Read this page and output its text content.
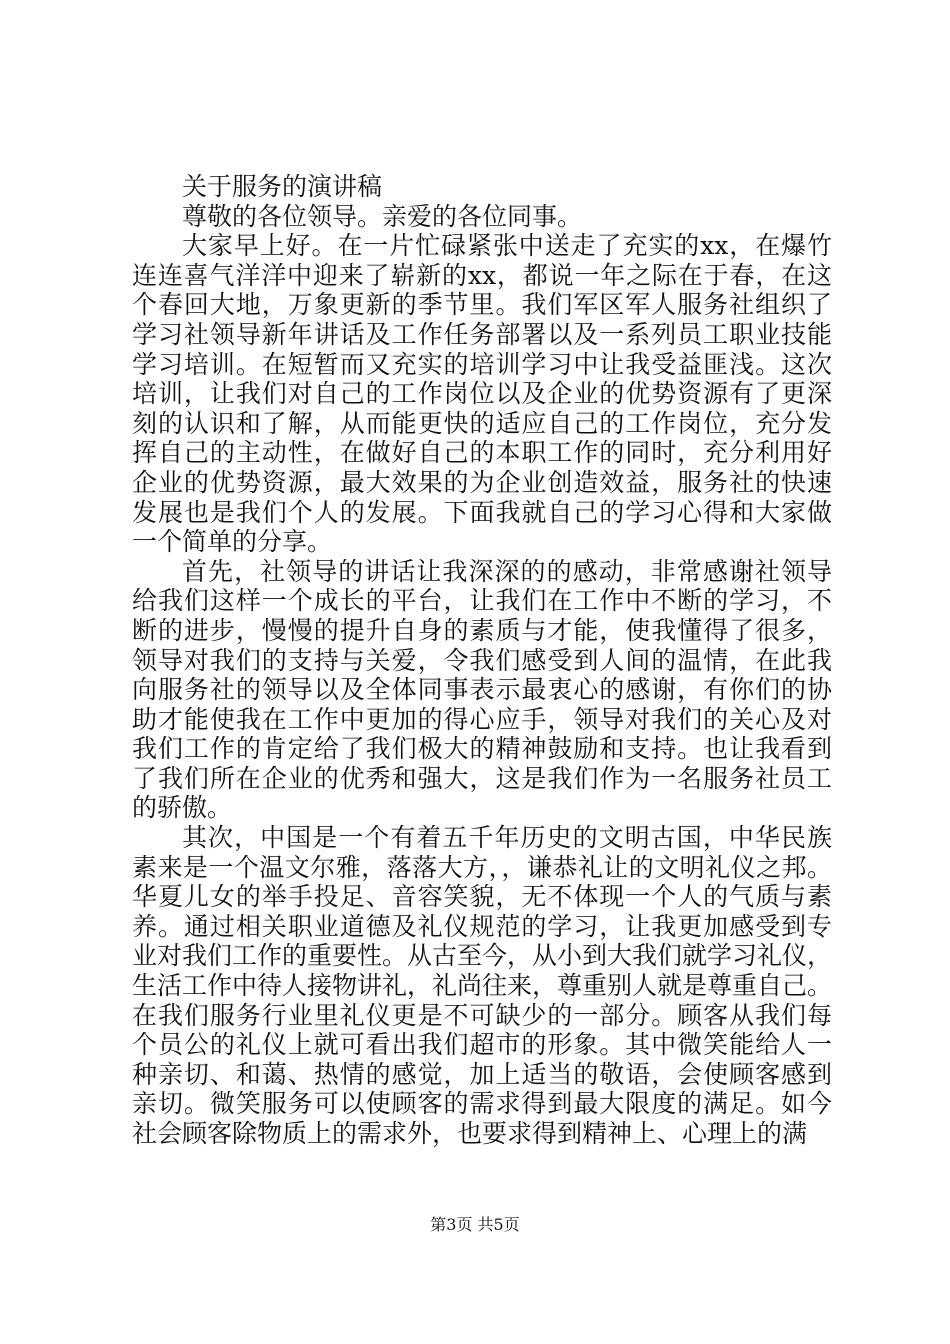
关于服务的演讲稿
尊敬的各位领导。亲爱的各位同事。
大家早上好。在一片忙碌紧张中送走了充实的xx，在爆竹
连连喜气洋洋中迎来了崭新的xx，都说一年之际在于春，在这
个春回大地，万象更新的季节里。我们军区军人服务社组织了
学习社领导新年讲话及工作任务部署以及一系列员工职业技能
学习培训。在短暂而又充实的培训学习中让我受益匪浅。这次
培训，让我们对自己的工作岗位以及企业的优势资源有了更深
刻的认识和了解，从而能更快的适应自己的工作岗位，充分发
挥自己的主动性，在做好自己的本职工作的同时，充分利用好
企业的优势资源，最大效果的为企业创造效益，服务社的快速
发展也是我们个人的发展。下面我就自己的学习心得和大家做
一个简单的分享。
首先，社领导的讲话让我深深的的感动，非常感谢社领导
给我们这样一个成长的平台，让我们在工作中不断的学习，不
断的进步，慢慢的提升自身的素质与才能，使我懂得了很多，
领导对我们的支持与关爱，令我们感受到人间的温情，在此我
向服务社的领导以及全体同事表示最衷心的感谢，有你们的协
助才能使我在工作中更加的得心应手，领导对我们的关心及对
我们工作的肯定给了我们极大的精神鼓励和支持。也让我看到
了我们所在企业的优秀和强大，这是我们作为一名服务社员工
的骄傲。
其次，中国是一个有着五千年历史的文明古国，中华民族
素来是一个温文尔雅，落落大方，，谦恭礼让的文明礼仪之邦。
华夏儿女的举手投足、音容笑貌，无不体现一个人的气质与素
养。通过相关职业道德及礼仪规范的学习，让我更加感受到专
业对我们工作的重要性。从古至今，从小到大我们就学习礼仪，
生活工作中待人接物讲礼，礼尚往来，尊重别人就是尊重自己。
在我们服务行业里礼仪更是不可缺少的一部分。顾客从我们每
个员公的礼仪上就可看出我们超市的形象。其中微笑能给人一
种亲切、和蔼、热情的感觉，加上适当的敬语，会使顾客感到
亲切。微笑服务可以使顾客的需求得到最大限度的满足。如今
社会顾客除物质上的需求外，也要求得到精神上、心理上的满
第3页 共5页
